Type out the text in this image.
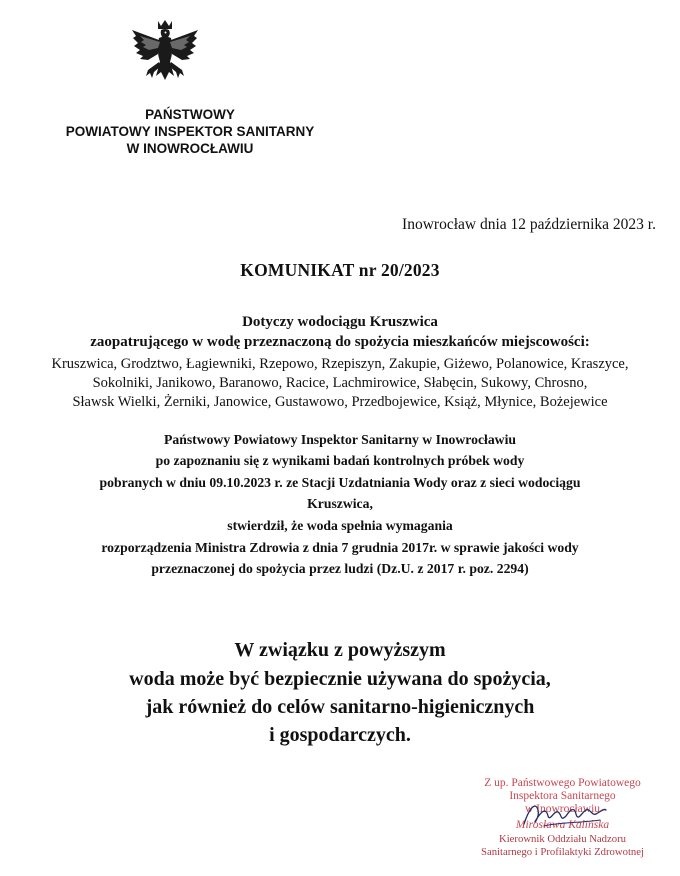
PAŃSTWOWY
POWIATOWY INSPEKTOR SANITARNY
W INOWROCŁAWIU
Inowrocław dnia 12 października 2023 r.
KOMUNIKAT nr 20/2023
Dotyczy wodociągu Kruszwica
zaopatrującego w wodę przeznaczoną do spożycia mieszkańców miejscowości:
Kruszwica, Grodztwo, Łagiewniki, Rzepowo, Rzepiszyn, Zakupie, Giżewo, Polanowice, Kraszyce,
Sokolniki, Janikowo, Baranowo, Racice, Lachmirowice, Słabęcin, Sukowy, Chrosno,
Sławsk Wielki, Żerniki, Janowice, Gustawowo, Przedbojewice, Książ, Młynice, Bożejewice
Państwowy Powiatowy Inspektor Sanitarny w Inowrocławiu
po zapoznaniu się z wynikami badań kontrolnych próbek wody
pobranych w dniu 09.10.2023 r. ze Stacji Uzdatniania Wody oraz z sieci wodociągu
Kruszwica,
stwierdził, że woda spełnia wymagania
rozporządzenia Ministra Zdrowia z dnia 7 grudnia 2017r. w sprawie jakości wody
przeznaczonej do spożycia przez ludzi (Dz.U. z 2017 r. poz. 2294)
W związku z powyższym
woda może być bezpiecznie używana do spożycia,
jak również do celów sanitarno-higienicznych
i gospodarczych.
Z up. Państwowego Powiatowego
Inspektora Sanitarnego
w Inowrocławiu
Mirosława Kalińska
Kierownik Oddziału Nadzoru
Sanitarnego i Profilaktyki Zdrowotnej
